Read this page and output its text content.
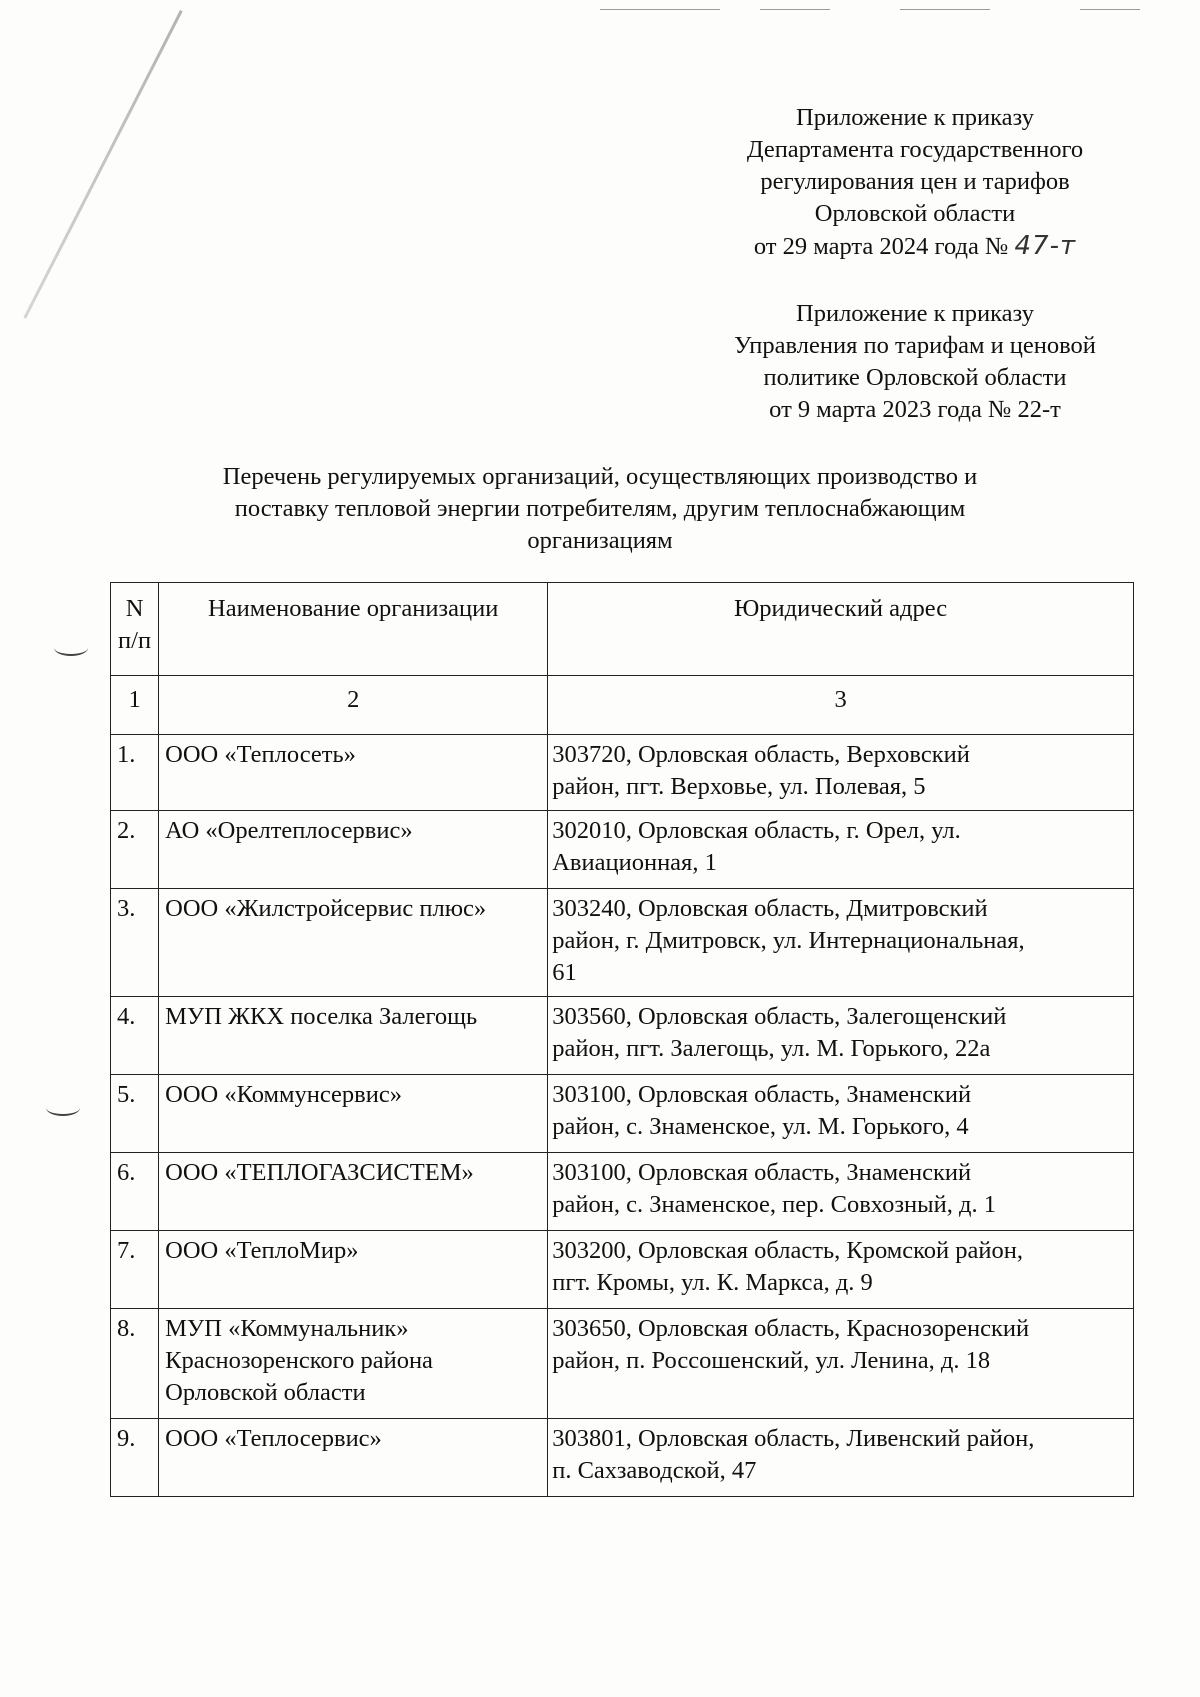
Приложение к приказу
Департамента государственного
регулирования цен и тарифов
Орловской области
от 29 марта 2024 года № 47-т
Приложение к приказу
Управления по тарифам и ценовой
политике Орловской области
от 9 марта 2023 года № 22-т
Перечень регулируемых организаций, осуществляющих производство и
поставку тепловой энергии потребителям, другим теплоснабжающим
организациям
N
п/п	Наименование организации	Юридический адрес
1	2	3
1.	ООО «Теплосеть»	303720, Орловская область, Верховский
район, пгт. Верховье, ул. Полевая, 5

2.	АО «Орелтеплосервис»	302010, Орловская область, г. Орел, ул.
Авиационная, 1

3.	ООО «Жилстройсервис плюс»	303240, Орловская область, Дмитровский
район, г. Дмитровск, ул. Интернациональная,
61

4.	МУП ЖКХ поселка Залегощь	303560, Орловская область, Залегощенский
район, пгт. Залегощь, ул. М. Горького, 22а

5.	ООО «Коммунсервис»	303100, Орловская область, Знаменский
район, с. Знаменское, ул. М. Горького, 4

6.	ООО «ТЕПЛОГАЗСИСТЕМ»	303100, Орловская область, Знаменский
район, с. Знаменское, пер. Совхозный, д. 1

7.	ООО «ТеплоМир»	303200, Орловская область, Кромской район,
пгт. Кромы, ул. К. Маркса, д. 9

8.	МУП «Коммунальник»
Краснозоренского района
Орловской области	303650, Орловская область, Краснозоренский
район, п. Россошенский, ул. Ленина, д. 18

9.	ООО «Теплосервис»	303801, Орловская область, Ливенский район,
п. Сахзаводской, 47
